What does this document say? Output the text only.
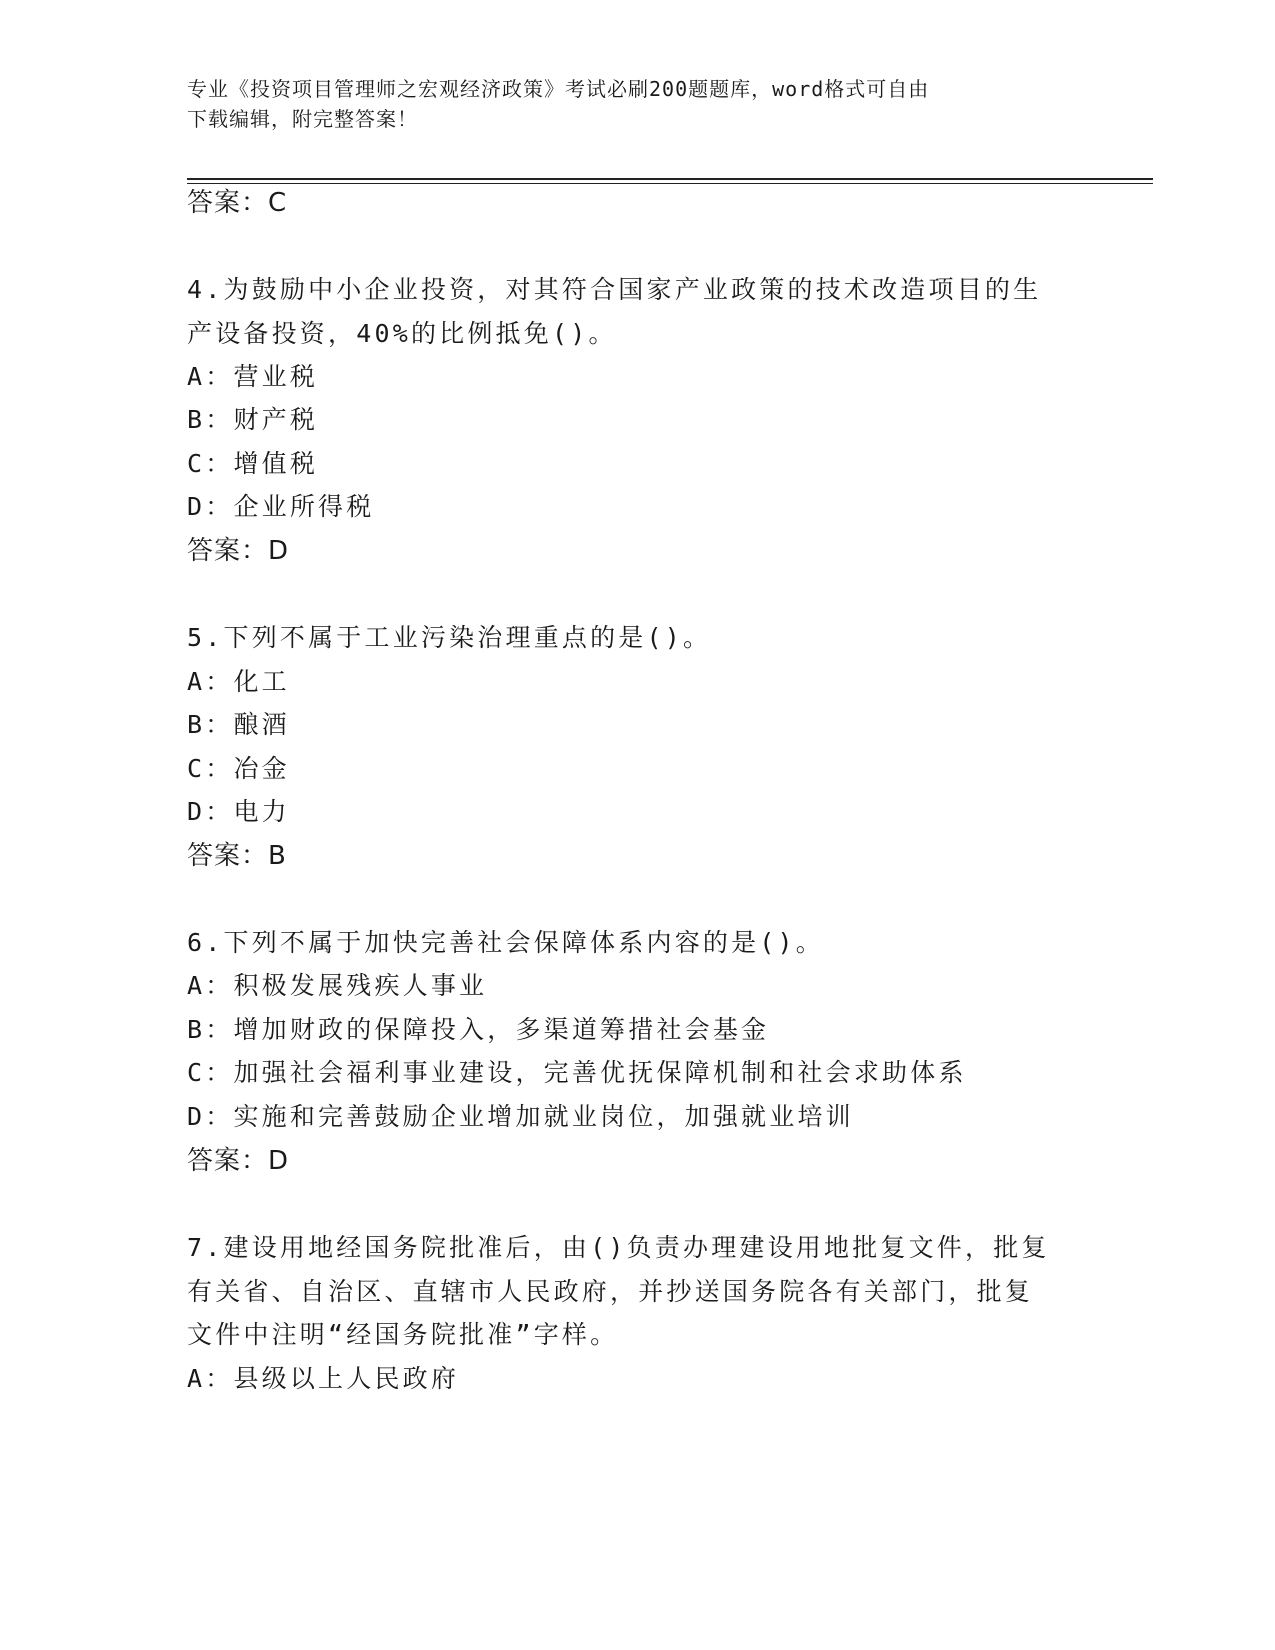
专业《投资项目管理师之宏观经济政策》考试必刷200题题库，word格式可自由
下载编辑，附完整答案！
答案：C
4.为鼓励中小企业投资，对其符合国家产业政策的技术改造项目的生
产设备投资，40%的比例抵免()。
A：营业税
B：财产税
C：增值税
D：企业所得税
答案：D
5.下列不属于工业污染治理重点的是()。
A：化工
B：酿酒
C：冶金
D：电力
答案：B
6.下列不属于加快完善社会保障体系内容的是()。
A：积极发展残疾人事业
B：增加财政的保障投入，多渠道筹措社会基金
C：加强社会福利事业建设，完善优抚保障机制和社会求助体系
D：实施和完善鼓励企业增加就业岗位，加强就业培训
答案：D
7.建设用地经国务院批准后，由()负责办理建设用地批复文件，批复
有关省、自治区、直辖市人民政府，并抄送国务院各有关部门，批复
文件中注明“经国务院批准”字样。
A：县级以上人民政府
